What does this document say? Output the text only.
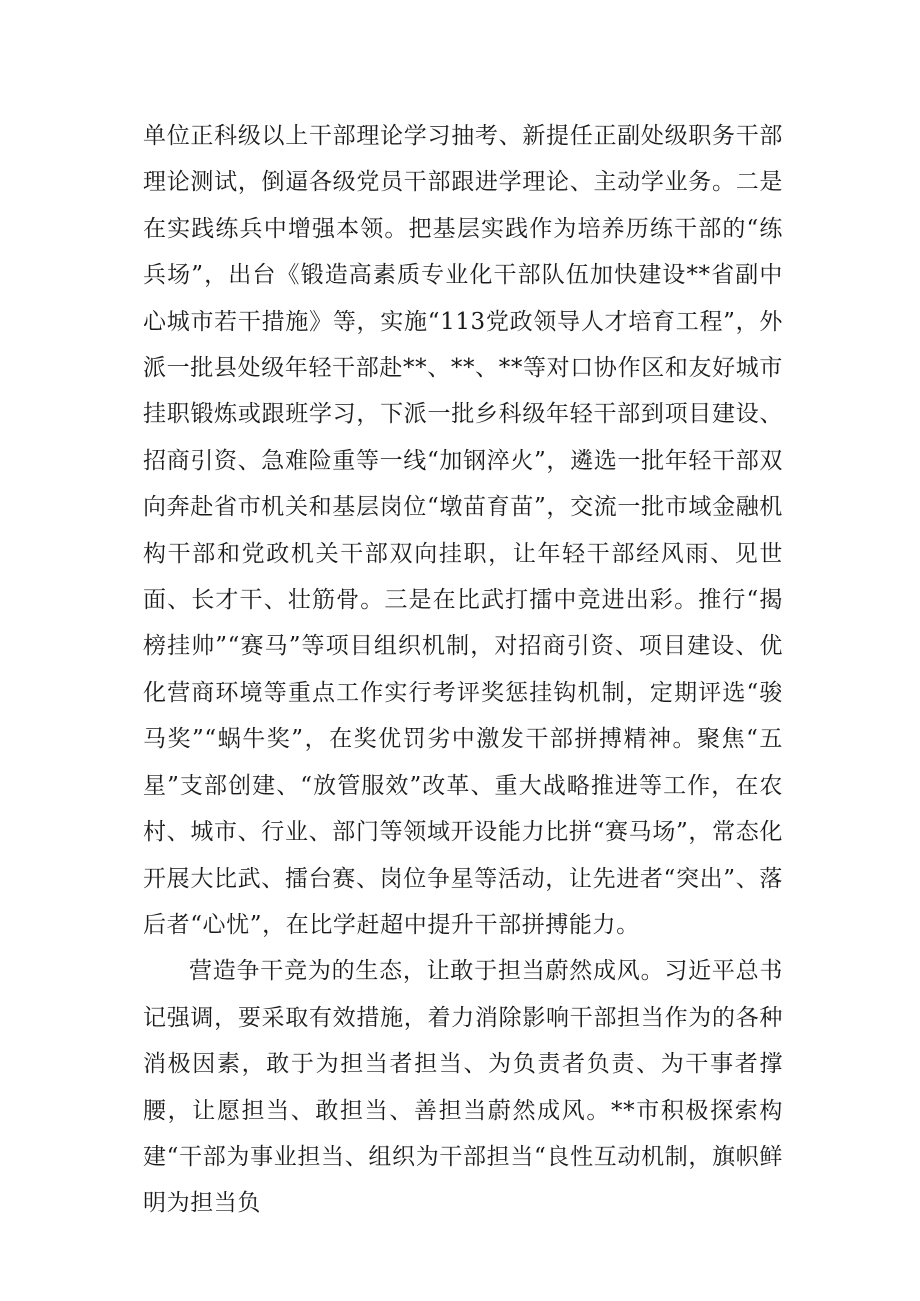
单位正科级以上干部理论学习抽考、新提任正副处级职务干部理论测试，倒逼各级党员干部跟进学理论、主动学业务。二是在实践练兵中增强本领。把基层实践作为培养历练干部的“练兵场”，出台《锻造高素质专业化干部队伍加快建设**省副中心城市若干措施》等，实施“113党政领导人才培育工程”，外派一批县处级年轻干部赴**、**、**等对口协作区和友好城市挂职锻炼或跟班学习，下派一批乡科级年轻干部到项目建设、招商引资、急难险重等一线“加钢淬火”，遴选一批年轻干部双向奔赴省市机关和基层岗位“墩苗育苗”，交流一批市域金融机构干部和党政机关干部双向挂职，让年轻干部经风雨、见世面、长才干、壮筋骨。三是在比武打擂中竞进出彩。推行“揭榜挂帅”“赛马”等项目组织机制，对招商引资、项目建设、优化营商环境等重点工作实行考评奖惩挂钩机制，定期评选“骏马奖”“蜗牛奖”，在奖优罚劣中激发干部拼搏精神。聚焦“五星”支部创建、“放管服效”改革、重大战略推进等工作，在农村、城市、行业、部门等领域开设能力比拼“赛马场”，常态化开展大比武、擂台赛、岗位争星等活动，让先进者“突出”、落后者“心忧”，在比学赶超中提升干部拼搏能力。

营造争干竞为的生态，让敢于担当蔚然成风。习近平总书记强调，要采取有效措施，着力消除影响干部担当作为的各种消极因素，敢于为担当者担当、为负责者负责、为干事者撑腰，让愿担当、敢担当、善担当蔚然成风。**市积极探索构建“干部为事业担当、组织为干部担当“良性互动机制，旗帜鲜明为担当负
